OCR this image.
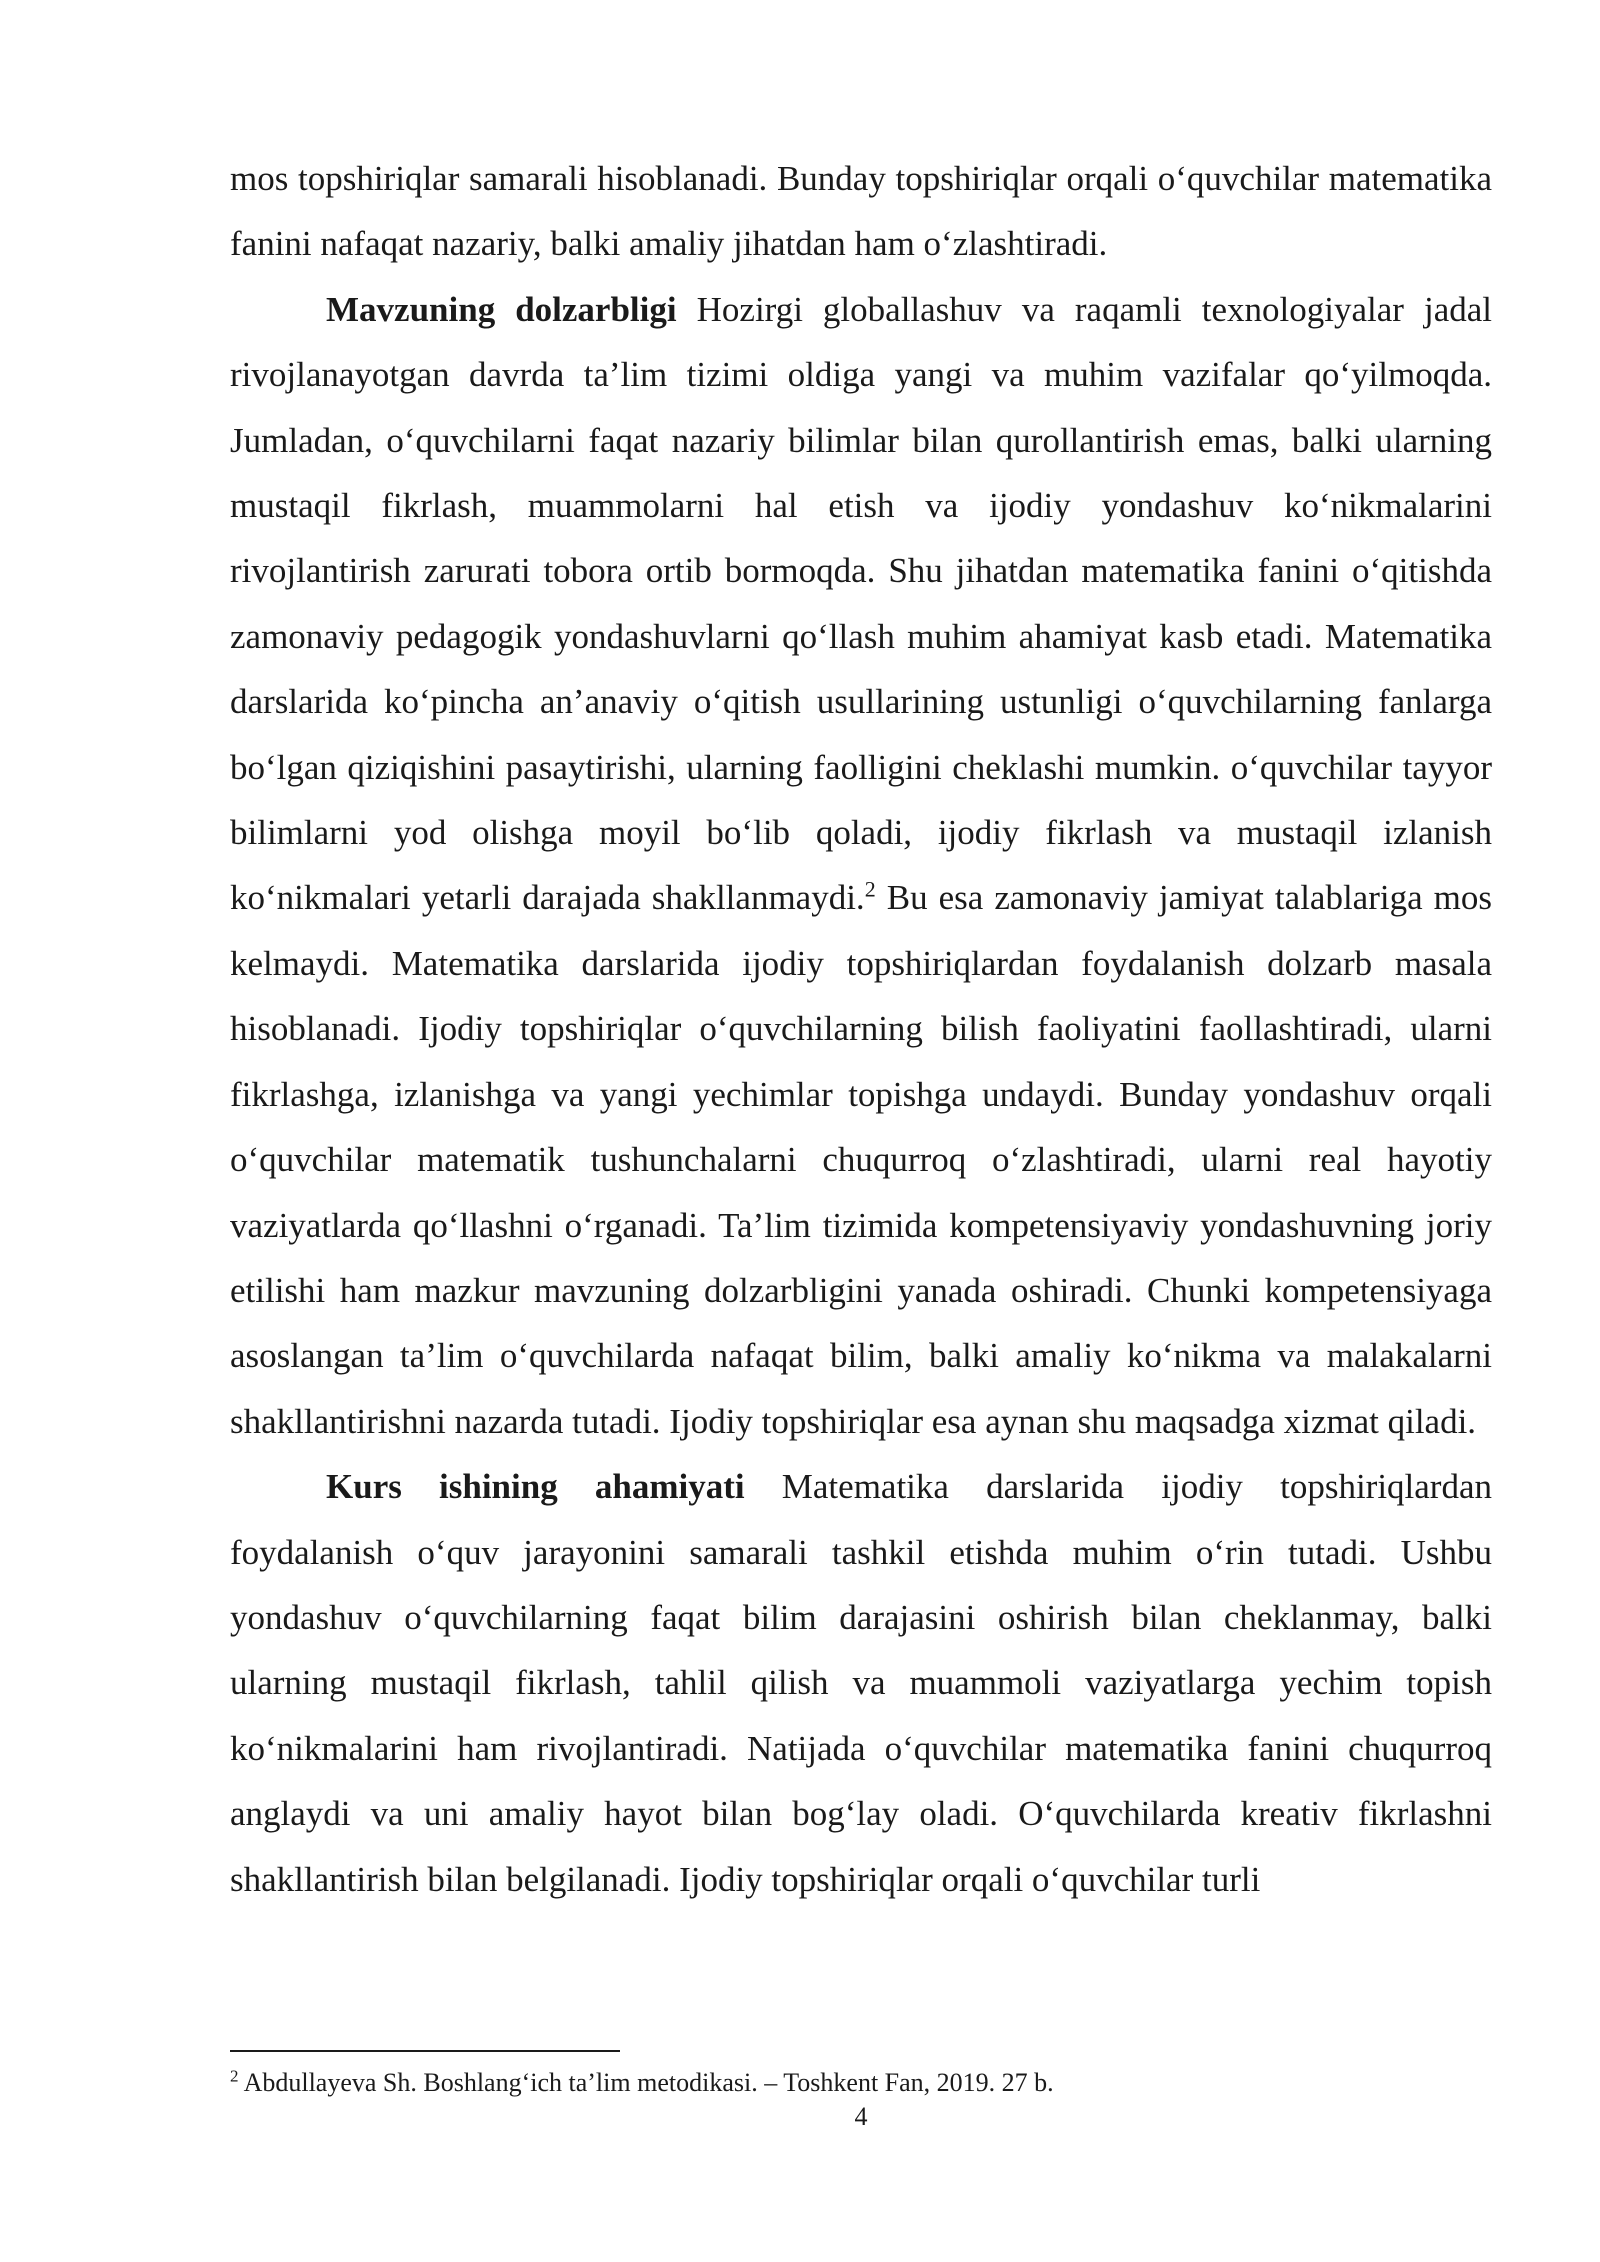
mos topshiriqlar samarali hisoblanadi. Bunday topshiriqlar orqali o‘quvchilar matematika fanini nafaqat nazariy, balki amaliy jihatdan ham o‘zlashtiradi.

Mavzuning dolzarbligi Hozirgi globallashuv va raqamli texnologiyalar jadal rivojlanayotgan davrda ta’lim tizimi oldiga yangi va muhim vazifalar qo‘yilmoqda. Jumladan, o‘quvchilarni faqat nazariy bilimlar bilan qurollantirish emas, balki ularning mustaqil fikrlash, muammolarni hal etish va ijodiy yondashuv ko‘nikmalarini rivojlantirish zarurati tobora ortib bormoqda. Shu jihatdan matematika fanini o‘qitishda zamonaviy pedagogik yondashuvlarni qo‘llash muhim ahamiyat kasb etadi. Matematika darslarida ko‘pincha an’anaviy o‘qitish usullarining ustunligi o‘quvchilarning fanlarga bo‘lgan qiziqishini pasaytirishi, ularning faolligini cheklashi mumkin. o‘quvchilar tayyor bilimlarni yod olishga moyil bo‘lib qoladi, ijodiy fikrlash va mustaqil izlanish ko‘nikmalari yetarli darajada shakllanmaydi.$^2$ Bu esa zamonaviy jamiyat talablariga mos kelmaydi. Matematika darslarida ijodiy topshiriqlardan foydalanish dolzarb masala hisoblanadi. Ijodiy topshiriqlar o‘quvchilarning bilish faoliyatini faollashtiradi, ularni fikrlashga, izlanishga va yangi yechimlar topishga undaydi. Bunday yondashuv orqali o‘quvchilar matematik tushunchalarni chuqurroq o‘zlashtiradi, ularni real hayotiy vaziyatlarda qo‘llashni o‘rganadi. Ta’lim tizimida kompetensiyaviy yondashuvning joriy etilishi ham mazkur mavzuning dolzarbligini yanada oshiradi. Chunki kompetensiyaga asoslangan ta’lim o‘quvchilarda nafaqat bilim, balki amaliy ko‘nikma va malakalarni shakllantirishni nazarda tutadi. Ijodiy topshiriqlar esa aynan shu maqsadga xizmat qiladi.

Kurs ishining ahamiyati Matematika darslarida ijodiy topshiriqlardan foydalanish o‘quv jarayonini samarali tashkil etishda muhim o‘rin tutadi. Ushbu yondashuv o‘quvchilarning faqat bilim darajasini oshirish bilan cheklanmay, balki ularning mustaqil fikrlash, tahlil qilish va muammoli vaziyatlarga yechim topish ko‘nikmalarini ham rivojlantiradi. Natijada o‘quvchilar matematika fanini chuqurroq anglaydi va uni amaliy hayot bilan bog‘lay oladi. O‘quvchilarda kreativ fikrlashni shakllantirish bilan belgilanadi. Ijodiy topshiriqlar orqali o‘quvchilar turli

$^2$ Abdullayeva Sh. Boshlang‘ich ta’lim metodikasi. – Toshkent Fan, 2019. 27 b.
4
